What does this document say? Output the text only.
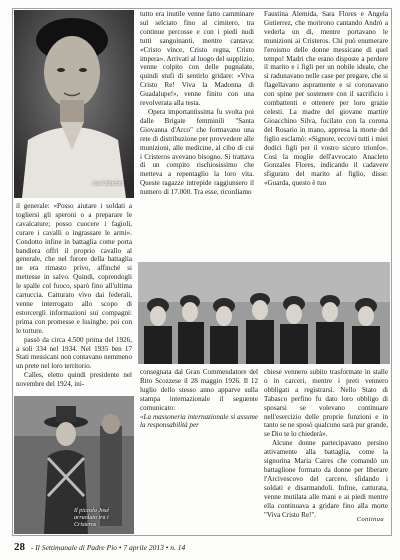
José Sánchez

il generale: «Posso aiutare i soldati a togliersi gli speroni o a preparare le cavalcature; posso cuocere i fagioli, curare i cavalli o ingrassare le armi». Condotto infine in battaglia come porta bandiera offrì il proprio cavallo al generale, che nel furore della battaglia ne era rimasto privo, affinché si mettesse in salvo. Quindi, coprendogli le spalle col fuoco, sparò fino all'ultima cartuccia. Catturato vivo dai federali, venne interrogato allo scopo di estorcergli informazioni sui compagni: prima con promesse e lusinghe, poi con le torture.

passò da circa 4.500 prima del 1926, a soli 334 nel 1934. Nel 1935 ben 17 Stati messicani non contavano nemmeno un prete nel loro territorio.

Calles, eletto quindi presidente nel novembre del 1924, ini-

tutto era inutile venne fatto camminare sul selciato fino al cimitero, tra continue percosse e con i piedi nudi tutti sanguinanti, mentre cantava: «Cristo vince, Cristo regna, Cristo impera». Arrivati al luogo del supplizio, venne colpito con delle pugnalate, quindi stufi di sentirlo gridare: «Viva Cristo Re! Viva la Madonna di Guadalupe!», venne finito con una revolverata alla testa.

Opera importantissima fu svolta poi dalle Brigate femminili "Santa Giovanna d'Arco" che formavano una rete di distribuzione per provvedere alle munizioni, alle medicine, al cibo di cui i Cristeros avevano bisogno. Si trattava di un compito rischiosissimo che metteva a repentaglio la loro vita. Queste ragazze intrepide raggiunsero il numero di 17.000. Tra esse, ricordiamo

Faustina Alemida, Sara Flores e Angela Gutierrez, che morirono cantando Andrò a vederla un dì, mentre portavano le munizioni ai Cristeros. Chi può enumerare l'eroismo delle donne messicane di quel tempo! Madri che erano disposte a perdere il marito e i figli per un nobile ideale, che si radunavano nelle case per pregare, che si flagellavano aspramente e si coronavano con spine per sostenere con il sacrificio i combattenti e ottenere per loro grazie celesti. La madre del giovane martire Gioacchino Silva, fucilato con la corona del Rosario in mano, appresa la morte del figlio esclamò: «Signore, eccovi tutti i miei dodici figli per il vostro sicuro trionfo». Così la moglie dell'avvocato Anacleto Gonzales Flores, indicando il cadavere sfigurato del marito al figlio, disse: «Guarda, questo è tuo

Il piccolo José
arruolato tra i Cristeros

consegnata dal Gran Commendatore del Rito Scozzese il 28 maggio 1926. Il 12 luglio dello stesso anno apparve sulla stampa internazionale il seguente comunicato:

«La massoneria internazionale si assume la responsabilità per

chiese vennero subito trasformate in stalle o in carceri, mentre i preti vennero obbligati a registrarsi. Nello Stato di Tabasco perfino fu dato loro obbligo di sposarsi se volevano continuare nell'esercizio delle proprie funzioni e in tanto se ne sposò qualcuno sarà pur grande, se Dio te lo chiederà».

Alcune donne partecipavano persino attivamente alla battaglia, come la signorina Maria Caires che comandò un battaglione formato da donne per liberare l'Arcivescovo del carcere, sfidando i soldati e disarmandoli. Infine, catturata, venne mutilata alle mani e ai piedi mentre ella continuava a gridare fino alla morte "Viva Cristo Re!".

Continua
28 - Il Settimanale di Padre Pio • 7 aprile 2013 • n. 14
